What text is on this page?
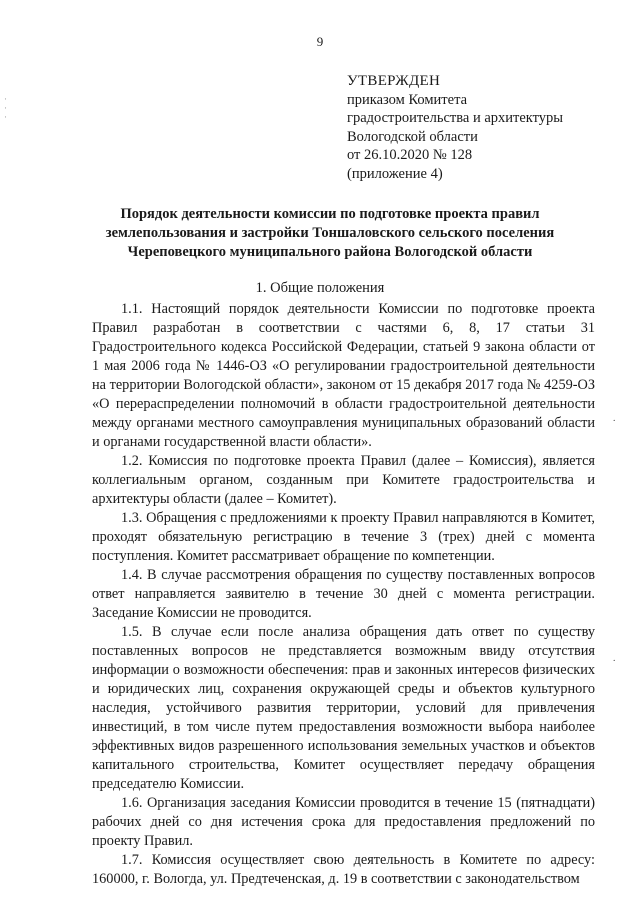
9
УТВЕРЖДЕН
приказом Комитета
градостроительства и архитектуры
Вологодской области
от 26.10.2020 № 128
(приложение 4)
Порядок деятельности комиссии по подготовке проекта правил землепользования и застройки Тоншаловского сельского поселения Череповецкого муниципального района Вологодской области
1. Общие положения

1.1. Настоящий порядок деятельности Комиссии по подготовке проекта Правил разработан в соответствии с частями 6, 8, 17 статьи 31 Градостроительного кодекса Российской Федерации, статьей 9 закона области от 1 мая 2006 года № 1446-ОЗ «О регулировании градостроительной деятельности на территории Вологодской области», законом от 15 декабря 2017 года № 4259-ОЗ «О перераспределении полномочий в области градостроительной деятельности между органами местного самоуправления муниципальных образований области и органами государственной власти области».

1.2. Комиссия по подготовке проекта Правил (далее – Комиссия), является коллегиальным органом, созданным при Комитете градостроительства и архитектуры области (далее – Комитет).

1.3. Обращения с предложениями к проекту Правил направляются в Комитет, проходят обязательную регистрацию в течение 3 (трех) дней с момента поступления. Комитет рассматривает обращение по компетенции.

1.4. В случае рассмотрения обращения по существу поставленных вопросов ответ направляется заявителю в течение 30 дней с момента регистрации. Заседание Комиссии не проводится.

1.5. В случае если после анализа обращения дать ответ по существу поставленных вопросов не представляется возможным ввиду отсутствия информации о возможности обеспечения: прав и законных интересов физических и юридических лиц, сохранения окружающей среды и объектов культурного наследия, устойчивого развития территории, условий для привлечения инвестиций, в том числе путем предоставления возможности выбора наиболее эффективных видов разрешенного использования земельных участков и объектов капитального строительства, Комитет осуществляет передачу обращения председателю Комиссии.

1.6. Организация заседания Комиссии проводится в течение 15 (пятнадцати) рабочих дней со дня истечения срока для предоставления предложений по проекту Правил.

1.7. Комиссия осуществляет свою деятельность в Комитете по адресу: 160000, г. Вологда, ул. Предтеченская, д. 19 в соответствии с законодательством

·
·
·
·
·
